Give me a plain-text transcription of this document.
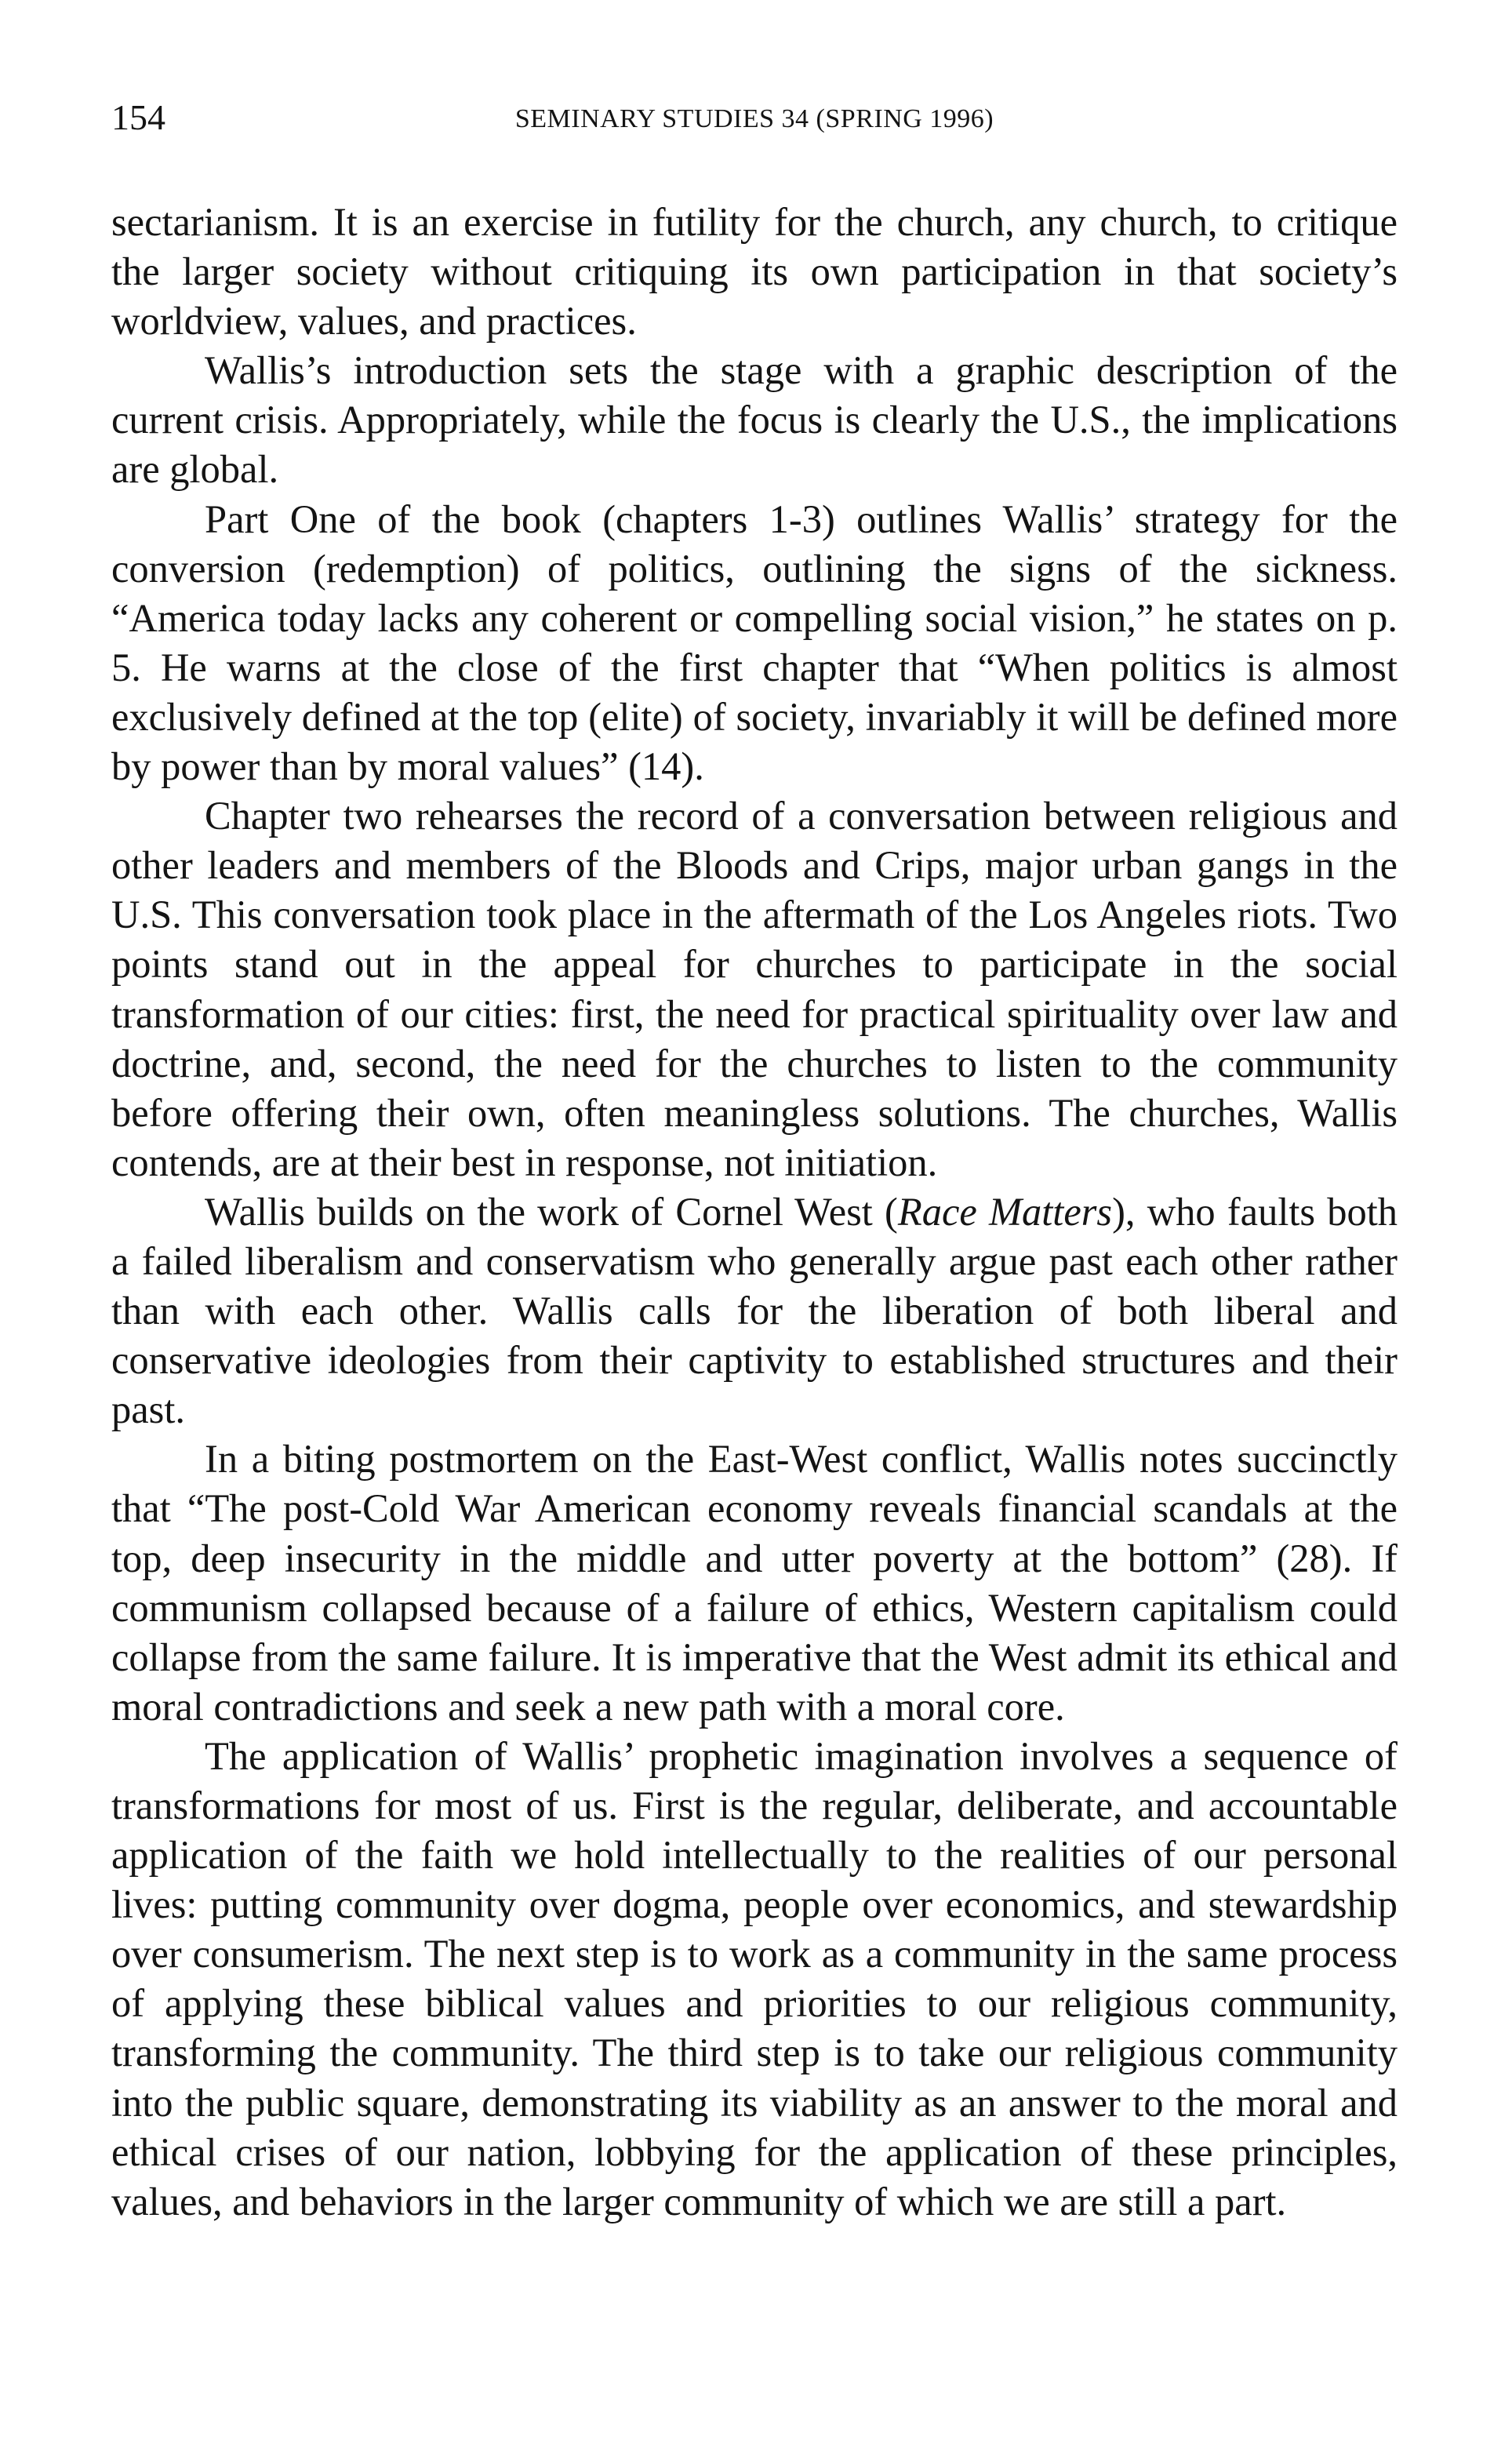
154	SEMINARY STUDIES 34 (SPRING 1996)

sectarianism. It is an exercise in futility for the church, any church, to critique the larger society without critiquing its own participation in that society’s worldview, values, and practices.

Wallis’s introduction sets the stage with a graphic description of the current crisis. Appropriately, while the focus is clearly the U.S., the implications are global.

Part One of the book (chapters 1-3) outlines Wallis’ strategy for the conversion (redemption) of politics, outlining the signs of the sickness. “America today lacks any coherent or compelling social vision,” he states on p. 5. He warns at the close of the first chapter that “When politics is almost exclusively defined at the top (elite) of society, invariably it will be defined more by power than by moral values” (14).

Chapter two rehearses the record of a conversation between religious and other leaders and members of the Bloods and Crips, major urban gangs in the U.S. This conversation took place in the aftermath of the Los Angeles riots. Two points stand out in the appeal for churches to participate in the social transformation of our cities: first, the need for practical spirituality over law and doctrine, and, second, the need for the churches to listen to the community before offering their own, often meaningless solutions. The churches, Wallis contends, are at their best in response, not initiation.

Wallis builds on the work of Cornel West (Race Matters), who faults both a failed liberalism and conservatism who generally argue past each other rather than with each other. Wallis calls for the liberation of both liberal and conservative ideologies from their captivity to established structures and their past.

In a biting postmortem on the East-West conflict, Wallis notes succinctly that “The post-Cold War American economy reveals financial scandals at the top, deep insecurity in the middle and utter poverty at the bottom” (28). If communism collapsed because of a failure of ethics, Western capitalism could collapse from the same failure. It is imperative that the West admit its ethical and moral contradictions and seek a new path with a moral core.

The application of Wallis’ prophetic imagination involves a sequence of transformations for most of us. First is the regular, deliberate, and accountable application of the faith we hold intellectually to the realities of our personal lives: putting community over dogma, people over economics, and stewardship over consumerism. The next step is to work as a community in the same process of applying these biblical values and priorities to our religious community, transforming the community. The third step is to take our religious community into the public square, demonstrating its viability as an answer to the moral and ethical crises of our nation, lobbying for the application of these principles, values, and behaviors in the larger community of which we are still a part.
